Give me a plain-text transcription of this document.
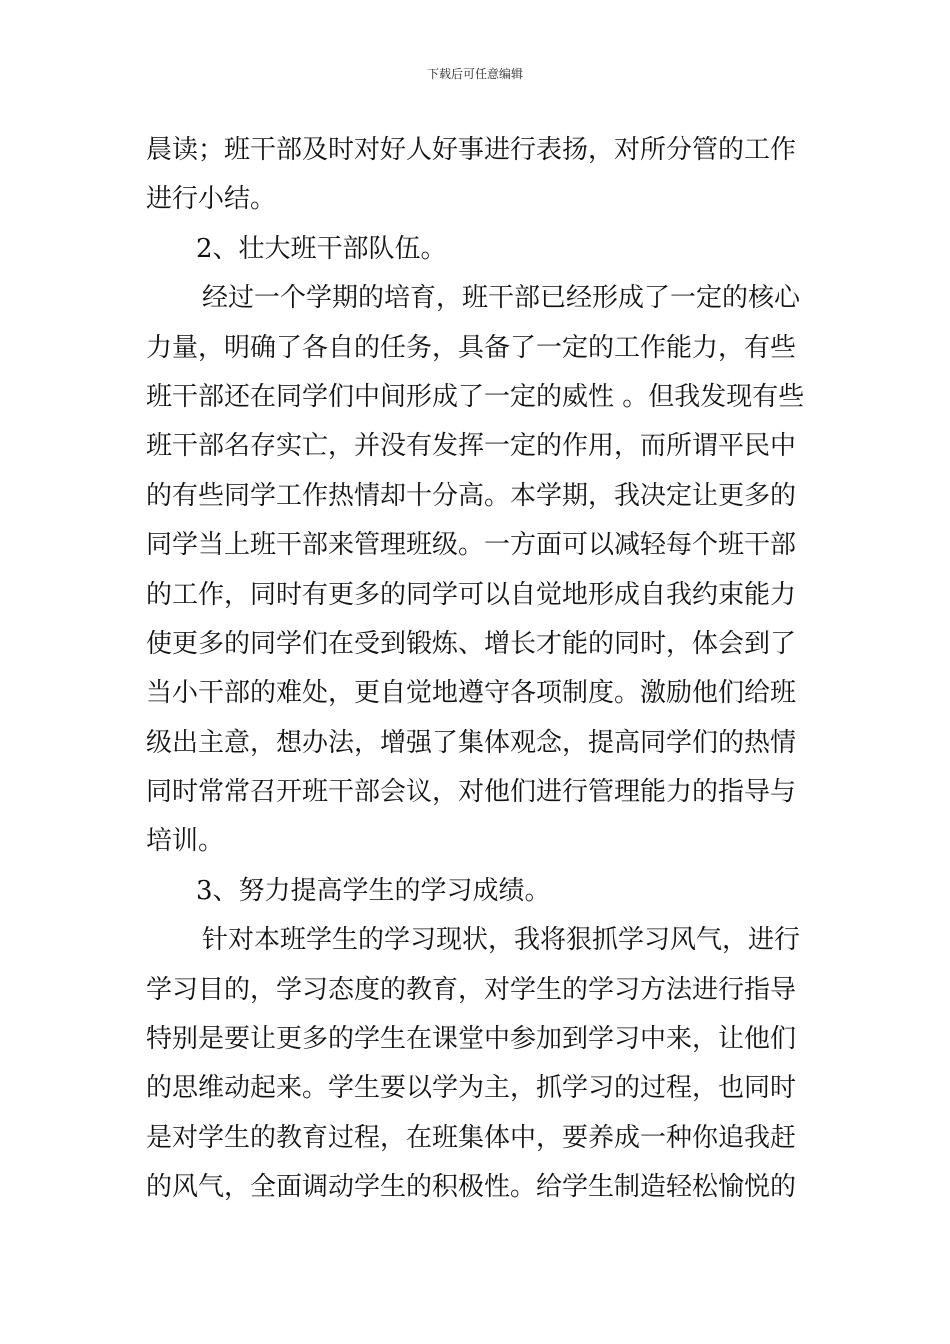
下载后可任意编辑
晨读；班干部及时对好人好事进行表扬，对所分管的工作
进行小结。
2、壮大班干部队伍。
经过一个学期的培育，班干部已经形成了一定的核心
力量，明确了各自的任务，具备了一定的工作能力，有些
班干部还在同学们中间形成了一定的威性 。但我发现有些
班干部名存实亡，并没有发挥一定的作用，而所谓平民中
的有些同学工作热情却十分高。本学期，我决定让更多的
同学当上班干部来管理班级。一方面可以减轻每个班干部
的工作，同时有更多的同学可以自觉地形成自我约束能力
使更多的同学们在受到锻炼、增长才能的同时，体会到了
当小干部的难处，更自觉地遵守各项制度。激励他们给班
级出主意，想办法，增强了集体观念，提高同学们的热情
同时常常召开班干部会议，对他们进行管理能力的指导与
培训。
3、努力提高学生的学习成绩。
针对本班学生的学习现状，我将狠抓学习风气，进行
学习目的，学习态度的教育，对学生的学习方法进行指导
特别是要让更多的学生在课堂中参加到学习中来，让他们
的思维动起来。学生要以学为主，抓学习的过程，也同时
是对学生的教育过程，在班集体中，要养成一种你追我赶
的风气，全面调动学生的积极性。给学生制造轻松愉悦的
